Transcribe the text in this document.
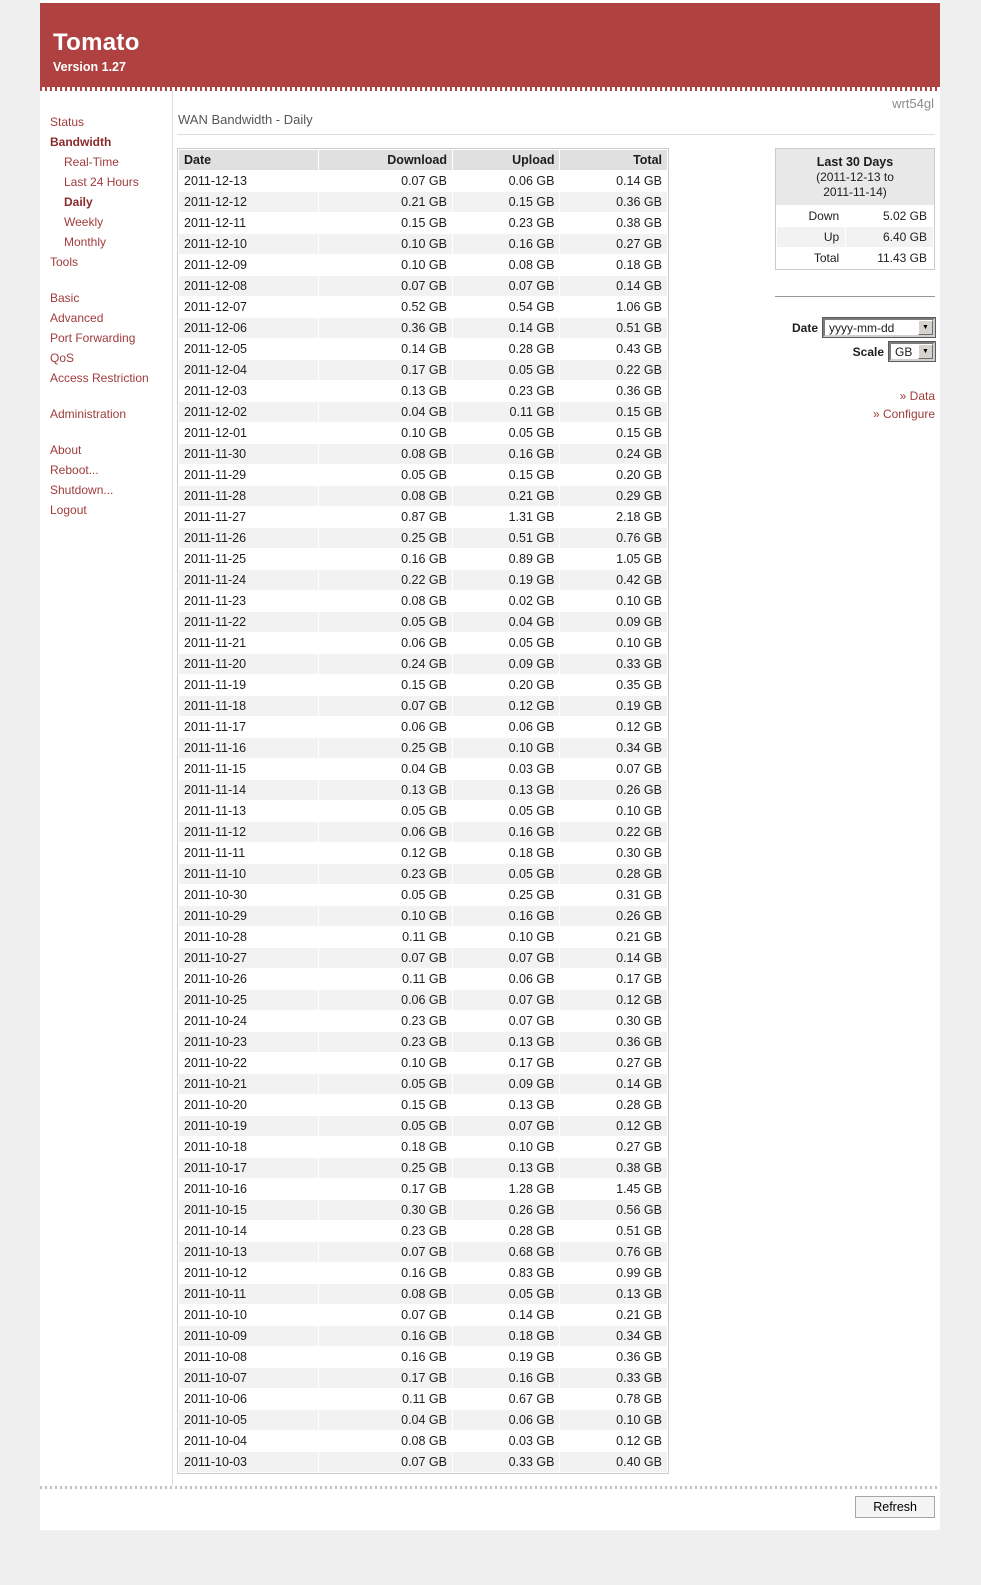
Tomato
Version 1.27
Status
Bandwidth
Real-Time
Last 24 Hours
Daily
Weekly
Monthly
Tools
Basic
Advanced
Port Forwarding
QoS
Access Restriction
Administration
About
Reboot...
Shutdown...
Logout
WAN Bandwidth - Daily
wrt54gl
Date	Download	Upload	Total
2011-12-13	0.07 GB	0.06 GB	0.14 GB
2011-12-12	0.21 GB	0.15 GB	0.36 GB
2011-12-11	0.15 GB	0.23 GB	0.38 GB
2011-12-10	0.10 GB	0.16 GB	0.27 GB
2011-12-09	0.10 GB	0.08 GB	0.18 GB
2011-12-08	0.07 GB	0.07 GB	0.14 GB
2011-12-07	0.52 GB	0.54 GB	1.06 GB
2011-12-06	0.36 GB	0.14 GB	0.51 GB
2011-12-05	0.14 GB	0.28 GB	0.43 GB
2011-12-04	0.17 GB	0.05 GB	0.22 GB
2011-12-03	0.13 GB	0.23 GB	0.36 GB
2011-12-02	0.04 GB	0.11 GB	0.15 GB
2011-12-01	0.10 GB	0.05 GB	0.15 GB
2011-11-30	0.08 GB	0.16 GB	0.24 GB
2011-11-29	0.05 GB	0.15 GB	0.20 GB
2011-11-28	0.08 GB	0.21 GB	0.29 GB
2011-11-27	0.87 GB	1.31 GB	2.18 GB
2011-11-26	0.25 GB	0.51 GB	0.76 GB
2011-11-25	0.16 GB	0.89 GB	1.05 GB
2011-11-24	0.22 GB	0.19 GB	0.42 GB
2011-11-23	0.08 GB	0.02 GB	0.10 GB
2011-11-22	0.05 GB	0.04 GB	0.09 GB
2011-11-21	0.06 GB	0.05 GB	0.10 GB
2011-11-20	0.24 GB	0.09 GB	0.33 GB
2011-11-19	0.15 GB	0.20 GB	0.35 GB
2011-11-18	0.07 GB	0.12 GB	0.19 GB
2011-11-17	0.06 GB	0.06 GB	0.12 GB
2011-11-16	0.25 GB	0.10 GB	0.34 GB
2011-11-15	0.04 GB	0.03 GB	0.07 GB
2011-11-14	0.13 GB	0.13 GB	0.26 GB
2011-11-13	0.05 GB	0.05 GB	0.10 GB
2011-11-12	0.06 GB	0.16 GB	0.22 GB
2011-11-11	0.12 GB	0.18 GB	0.30 GB
2011-11-10	0.23 GB	0.05 GB	0.28 GB
2011-10-30	0.05 GB	0.25 GB	0.31 GB
2011-10-29	0.10 GB	0.16 GB	0.26 GB
2011-10-28	0.11 GB	0.10 GB	0.21 GB
2011-10-27	0.07 GB	0.07 GB	0.14 GB
2011-10-26	0.11 GB	0.06 GB	0.17 GB
2011-10-25	0.06 GB	0.07 GB	0.12 GB
2011-10-24	0.23 GB	0.07 GB	0.30 GB
2011-10-23	0.23 GB	0.13 GB	0.36 GB
2011-10-22	0.10 GB	0.17 GB	0.27 GB
2011-10-21	0.05 GB	0.09 GB	0.14 GB
2011-10-20	0.15 GB	0.13 GB	0.28 GB
2011-10-19	0.05 GB	0.07 GB	0.12 GB
2011-10-18	0.18 GB	0.10 GB	0.27 GB
2011-10-17	0.25 GB	0.13 GB	0.38 GB
2011-10-16	0.17 GB	1.28 GB	1.45 GB
2011-10-15	0.30 GB	0.26 GB	0.56 GB
2011-10-14	0.23 GB	0.28 GB	0.51 GB
2011-10-13	0.07 GB	0.68 GB	0.76 GB
2011-10-12	0.16 GB	0.83 GB	0.99 GB
2011-10-11	0.08 GB	0.05 GB	0.13 GB
2011-10-10	0.07 GB	0.14 GB	0.21 GB
2011-10-09	0.16 GB	0.18 GB	0.34 GB
2011-10-08	0.16 GB	0.19 GB	0.36 GB
2011-10-07	0.17 GB	0.16 GB	0.33 GB
2011-10-06	0.11 GB	0.67 GB	0.78 GB
2011-10-05	0.04 GB	0.06 GB	0.10 GB
2011-10-04	0.08 GB	0.03 GB	0.12 GB
2011-10-03	0.07 GB	0.33 GB	0.40 GB
Last 30 Days
(2011-12-13 to
2011-11-14)
Down	5.02 GB
Up	6.40 GB
Total	11.43 GB
Date yyyy-mm-dd	▼
Scale GB	▼
» Data
» Configure
Refresh
